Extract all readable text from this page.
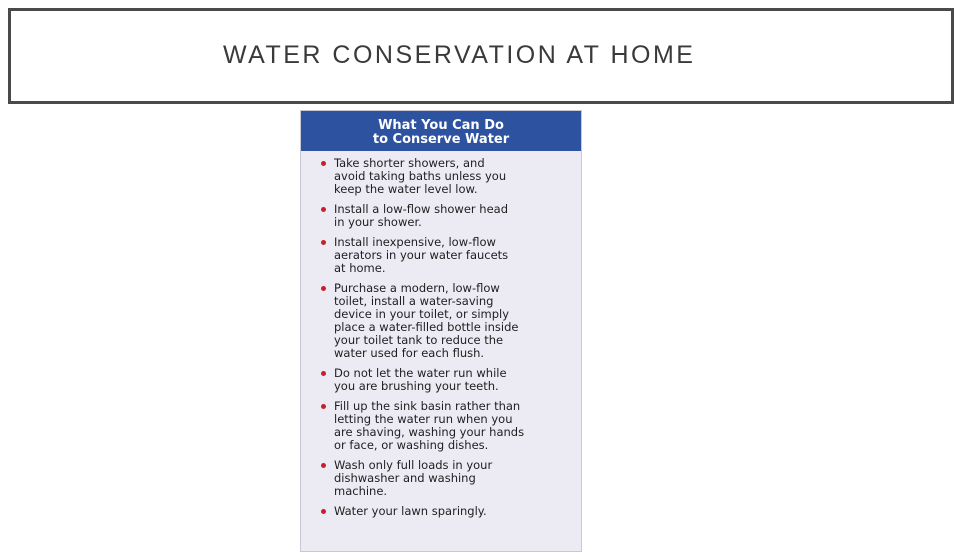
WATER CONSERVATION AT HOME
What You Can Do
to Conserve Water
Take shorter showers, and
avoid taking baths unless you
keep the water level low.
Install a low-flow shower head
in your shower.
Install inexpensive, low-flow
aerators in your water faucets
at home.
Purchase a modern, low-flow
toilet, install a water-saving
device in your toilet, or simply
place a water-filled bottle inside
your toilet tank to reduce the
water used for each flush.
Do not let the water run while
you are brushing your teeth.
Fill up the sink basin rather than
letting the water run when you
are shaving, washing your hands
or face, or washing dishes.
Wash only full loads in your
dishwasher and washing
machine.
Water your lawn sparingly.
